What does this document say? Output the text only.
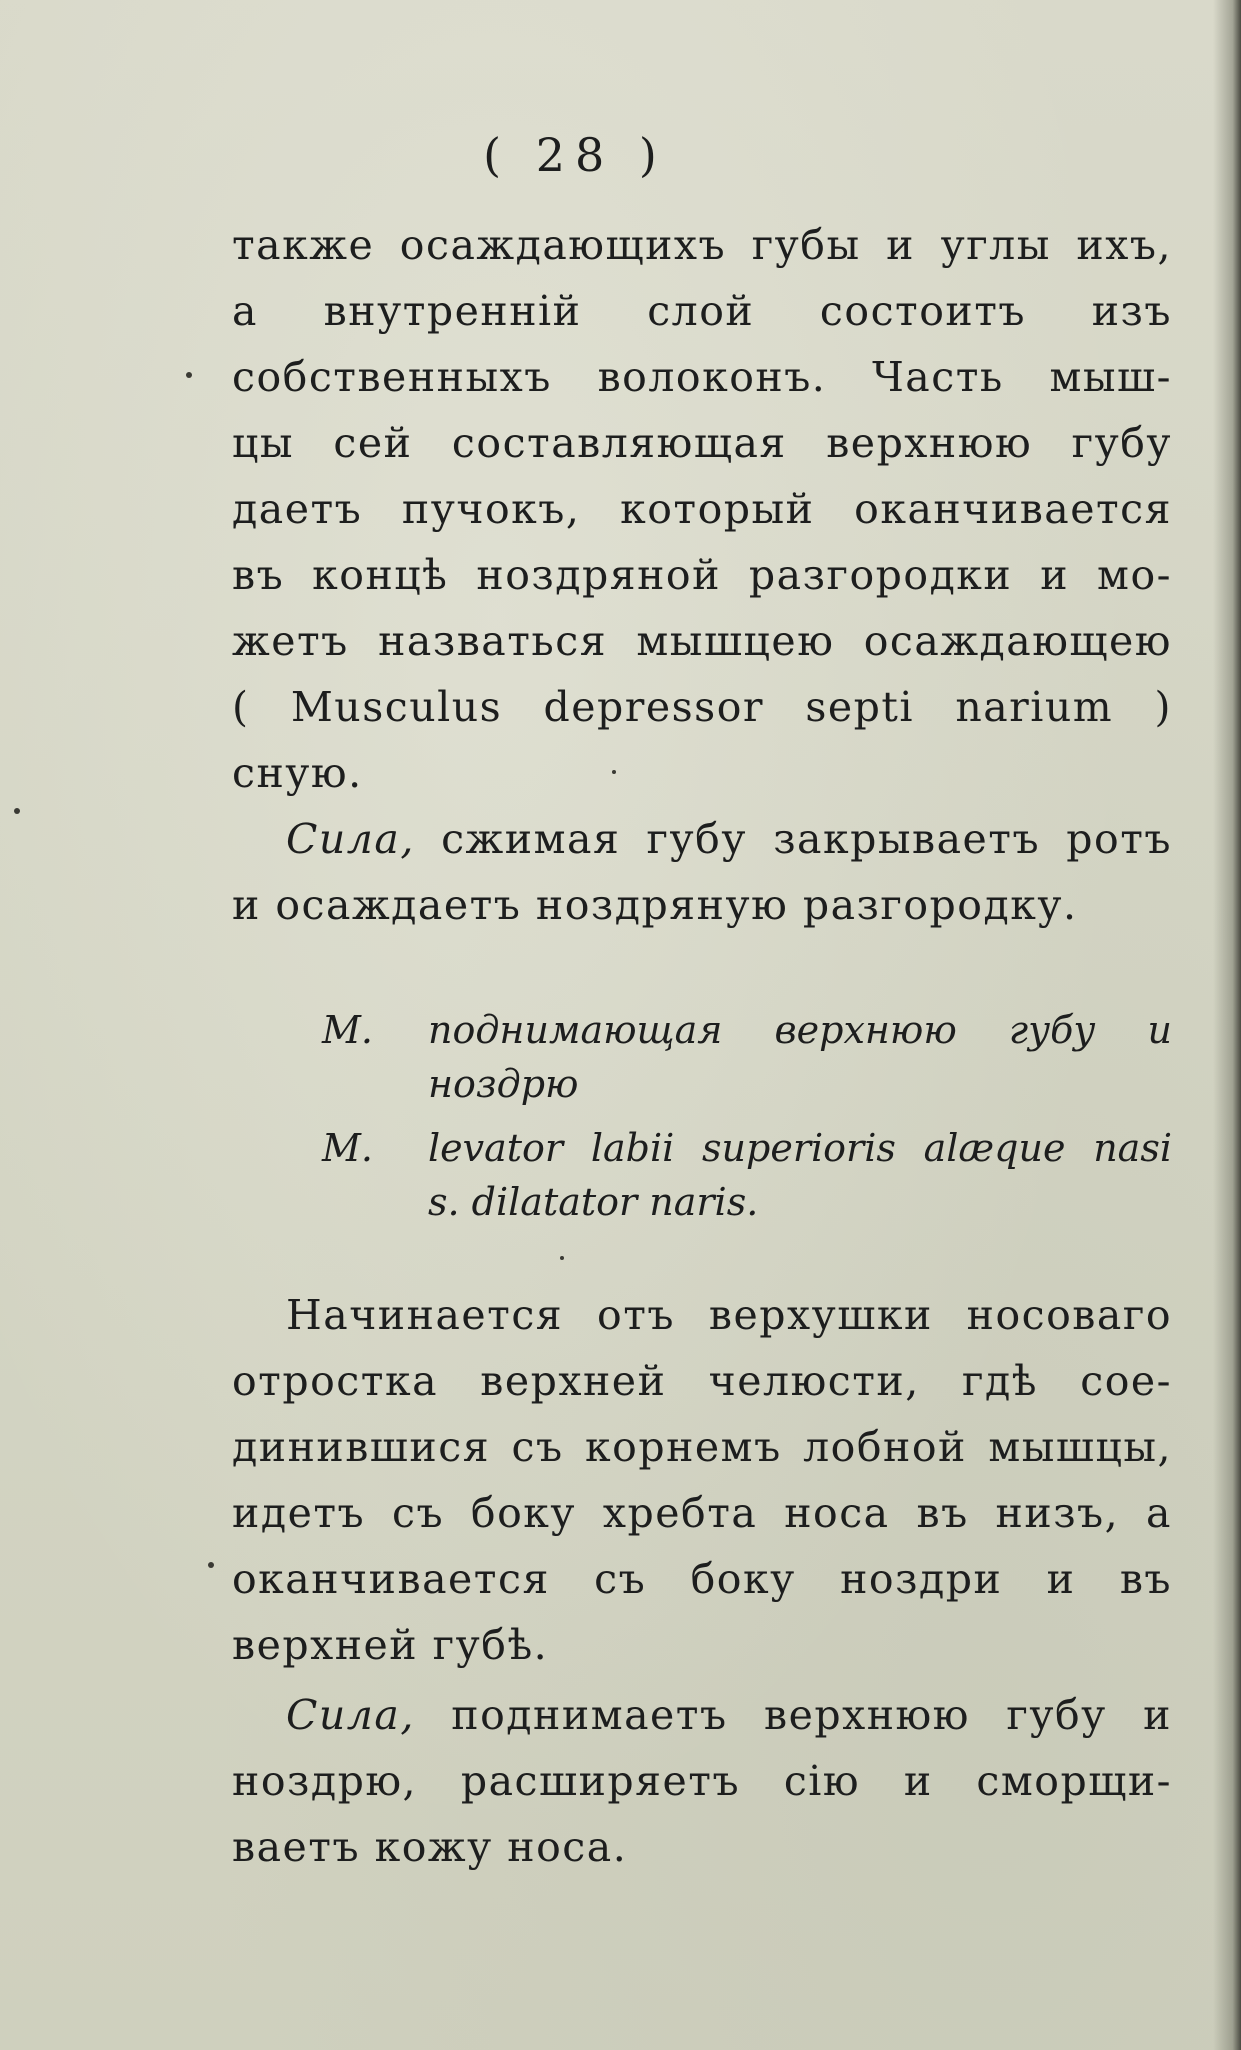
( 28 )
также осаждающихъ губы и углы ихъ,
а внутренній слой состоитъ изъ
собственныхъ волоконъ. Часть мыш-
цы сей составляющая верхнюю губу
даетъ пучокъ, который оканчивается
въ концѣ ноздряной разгородки и мо-
жетъ назваться мышцею осаждающею
( Musculus depressor septi narium )
сную.
Сила, сжимая губу закрываетъ ротъ
и осаждаетъ ноздряную разгородку.
M.	поднимающая верхнюю губу и
ноздрю
M.	levator labii superioris alæque nasi
s. dilatator naris.
Начинается отъ верхушки носоваго
отростка верхней челюсти, гдѣ сое-
динившися съ корнемъ лобной мышцы,
идетъ съ боку хребта носа въ низъ, а
оканчивается съ боку ноздри и въ
верхней губѣ.
Сила, поднимаетъ верхнюю губу и
ноздрю, расширяетъ сію и сморщи-
ваетъ кожу носа.
